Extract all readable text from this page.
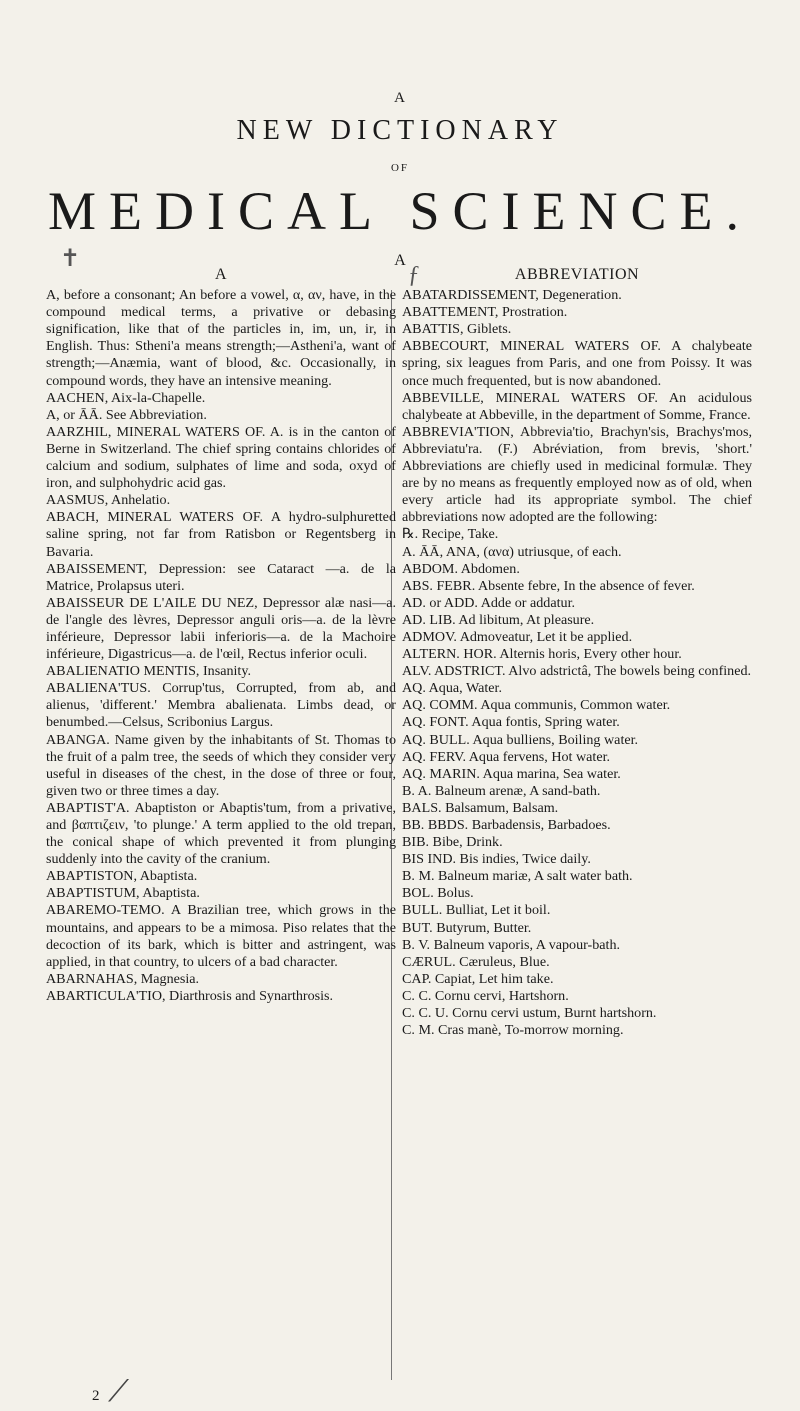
A
NEW DICTIONARY
OF
MEDICAL SCIENCE.
A
✝
ƒ
A

A, before a consonant; An before a vowel, α, αν, have, in the compound medical terms, a privative or debasing signification, like that of the particles in, im, un, ir, in English. Thus: Stheni'a means strength;—Astheni'a, want of strength;—Anæmia, want of blood, &c. Occasionally, in compound words, they have an intensive meaning.

AACHEN, Aix-la-Chapelle.

A, or ĀĀ. See Abbreviation.

AARZHIL, MINERAL WATERS OF. A. is in the canton of Berne in Switzerland. The chief spring contains chlorides of calcium and sodium, sulphates of lime and soda, oxyd of iron, and sulphohydric acid gas.

AASMUS, Anhelatio.

ABACH, MINERAL WATERS OF. A hydro-sulphuretted saline spring, not far from Ratisbon or Regentsberg in Bavaria.

ABAISSEMENT, Depression: see Cataract —a. de la Matrice, Prolapsus uteri.

ABAISSEUR DE L'AILE DU NEZ, Depressor alæ nasi—a. de l'angle des lèvres, Depressor anguli oris—a. de la lèvre inférieure, Depressor labii inferioris—a. de la Machoire inférieure, Digastricus—a. de l'œil, Rectus inferior oculi.

ABALIENATIO MENTIS, Insanity.

ABALIENA'TUS. Corrup'tus, Corrupted, from ab, and alienus, 'different.' Membra abalienata. Limbs dead, or benumbed.—Celsus, Scribonius Largus.

ABANGA. Name given by the inhabitants of St. Thomas to the fruit of a palm tree, the seeds of which they consider very useful in diseases of the chest, in the dose of three or four, given two or three times a day.

ABAPTIST'A. Abaptiston or Abaptis'tum, from a privative, and βαπτιζειν, 'to plunge.' A term applied to the old trepan, the conical shape of which prevented it from plunging suddenly into the cavity of the cranium.

ABAPTISTON, Abaptista.

ABAPTISTUM, Abaptista.

ABAREMO-TEMO. A Brazilian tree, which grows in the mountains, and appears to be a mimosa. Piso relates that the decoction of its bark, which is bitter and astringent, was applied, in that country, to ulcers of a bad character.

ABARNAHAS, Magnesia.

ABARTICULA'TIO, Diarthrosis and Synarthrosis.

ABBREVIATION

ABATARDISSEMENT, Degeneration.

ABATTEMENT, Prostration.

ABATTIS, Giblets.

ABBECOURT, MINERAL WATERS OF. A chalybeate spring, six leagues from Paris, and one from Poissy. It was once much frequented, but is now abandoned.

ABBEVILLE, MINERAL WATERS OF. An acidulous chalybeate at Abbeville, in the department of Somme, France.

ABBREVIA'TION, Abbrevia'tio, Brachyn'sis, Brachys'mos, Abbreviatu'ra. (F.) Abréviation, from brevis, 'short.' Abbreviations are chiefly used in medicinal formulæ. They are by no means as frequently employed now as of old, when every article had its appropriate symbol. The chief abbreviations now adopted are the following:

℞. Recipe, Take.

A. ĀĀ, ANA, (ανα) utriusque, of each.

ABDOM. Abdomen.

ABS. FEBR. Absente febre, In the absence of fever.

AD. or ADD. Adde or addatur.

AD. LIB. Ad libitum, At pleasure.

ADMOV. Admoveatur, Let it be applied.

ALTERN. HOR. Alternis horis, Every other hour.

ALV. ADSTRICT. Alvo adstrictâ, The bowels being confined.

AQ. Aqua, Water.

AQ. COMM. Aqua communis, Common water.

AQ. FONT. Aqua fontis, Spring water.

AQ. BULL. Aqua bulliens, Boiling water.

AQ. FERV. Aqua fervens, Hot water.

AQ. MARIN. Aqua marina, Sea water.

B. A. Balneum arenæ, A sand-bath.

BALS. Balsamum, Balsam.

BB. BBDS. Barbadensis, Barbadoes.

BIB. Bibe, Drink.

BIS IND. Bis indies, Twice daily.

B. M. Balneum mariæ, A salt water bath.

BOL. Bolus.

BULL. Bulliat, Let it boil.

BUT. Butyrum, Butter.

B. V. Balneum vaporis, A vapour-bath.

CÆRUL. Cæruleus, Blue.

CAP. Capiat, Let him take.

C. C. Cornu cervi, Hartshorn.

C. C. U. Cornu cervi ustum, Burnt hartshorn.

C. M. Cras manè, To-morrow morning.

2 ⟋
